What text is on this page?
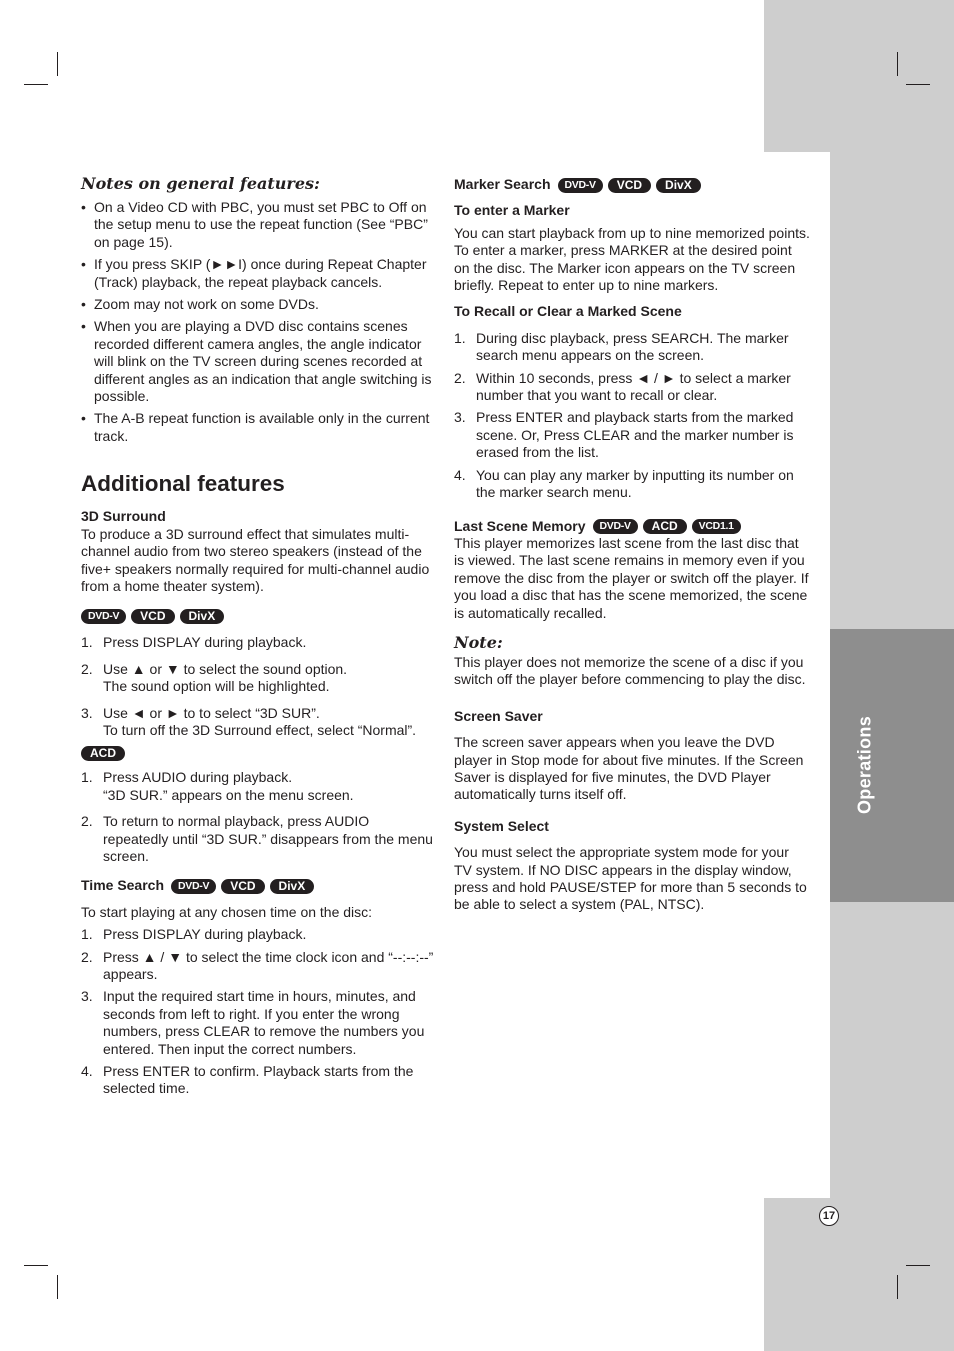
Operations
Notes on general features:
• On a Video CD with PBC, you must set PBC to Off on the setup menu to use the repeat function (See “PBC” on page 15).
• If you press SKIP (►►I) once during Repeat Chapter (Track) playback, the repeat playback cancels.
• Zoom may not work on some DVDs.
• When you are playing a DVD disc contains scenes recorded different camera angles, the angle indicator will blink on the TV screen during scenes recorded at different angles as an indication that angle switching is possible.
• The A-B repeat function is available only in the current track.
Additional features
3D Surround

To produce a 3D surround effect that simulates multi-channel audio from two stereo speakers (instead of the five+ speakers normally required for multi-channel audio from a home theater system).

DVD-V VCD DivX
1. Press DISPLAY during playback.
2. Use ▲ or ▼ to select the sound option.
The sound option will be highlighted.
3. Use ◄ or ► to to select “3D SUR”.
To turn off the 3D Surround effect, select “Normal”.
ACD
1. Press AUDIO during playback.
“3D SUR.” appears on the menu screen.
2. To return to normal playback, press AUDIO repeatedly until “3D SUR.” disappears from the menu screen.
Time Search DVD-V VCD DivX

To start playing at any chosen time on the disc:

1. Press DISPLAY during playback.
2. Press ▲ / ▼ to select the time clock icon and “--:--:--” appears.
3. Input the required start time in hours, minutes, and seconds from left to right. If you enter the wrong numbers, press CLEAR to remove the numbers you entered. Then input the correct numbers.
4. Press ENTER to confirm. Playback starts from the selected time.
Marker Search DVD-V VCD DivX
To enter a Marker

You can start playback from up to nine memorized points. To enter a marker, press MARKER at the desired point on the disc. The Marker icon appears on the TV screen briefly. Repeat to enter up to nine markers.

To Recall or Clear a Marked Scene
1. During disc playback, press SEARCH. The marker search menu appears on the screen.
2. Within 10 seconds, press ◄ / ► to select a marker number that you want to recall or clear.
3. Press ENTER and playback starts from the marked scene. Or, Press CLEAR and the marker number is erased from the list.
4. You can play any marker by inputting its number on the marker search menu.
Last Scene Memory DVD-V ACD VCD1.1

This player memorizes last scene from the last disc that is viewed. The last scene remains in memory even if you remove the disc from the player or switch off the player. If you load a disc that has the scene memorized, the scene is automatically recalled.

Note:

This player does not memorize the scene of a disc if you switch off the player before commencing to play the disc.

Screen Saver

The screen saver appears when you leave the DVD player in Stop mode for about five minutes. If the Screen Saver is displayed for five minutes, the DVD Player automatically turns itself off.

System Select

You must select the appropriate system mode for your TV system. If NO DISC appears in the display window, press and hold PAUSE/STEP for more than 5 seconds to be able to select a system (PAL, NTSC).

17
